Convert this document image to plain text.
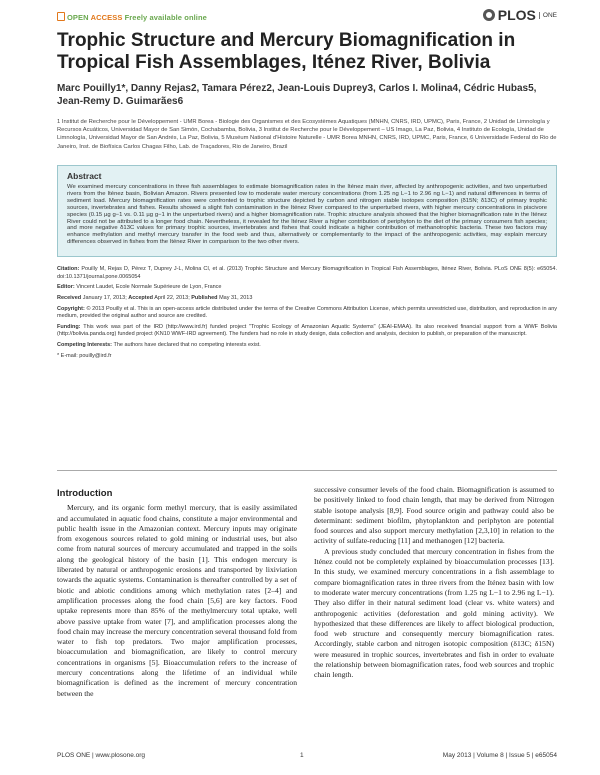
OPEN ACCESS Freely available online	PLOS	ONE
Trophic Structure and Mercury Biomagnification in Tropical Fish Assemblages, Iténez River, Bolivia
Marc Pouilly1*, Danny Rejas2, Tamara Pérez2, Jean-Louis Duprey3, Carlos I. Molina4, Cédric Hubas5, Jean-Remy D. Guimarães6
1 Institut de Recherche pour le Développement - UMR Borea - Biologie des Organismes et des Ecosystèmes Aquatiques (MNHN, CNRS, IRD, UPMC), Paris, France, 2 Unidad de Limnología y Recursos Acuáticos, Universidad Mayor de San Simón, Cochabamba, Bolivia, 3 Institut de Recherche pour le Développement – US Imago, La Paz, Bolivia, 4 Instituto de Ecología, Unidad de Limnología, Universidad Mayor de San Andrés, La Paz, Bolivia, 5 Muséum National d'Histoire Naturelle - UMR Borea MNHN, CNRS, IRD, UPMC, Paris, France, 6 Universidade Federal do Rio de Janeiro, Inst. de Biofísica Carlos Chagas Filho, Lab. de Traçadores, Rio de Janeiro, Brazil
Abstract

We examined mercury concentrations in three fish assemblages to estimate biomagnification rates in the Iténez main river, affected by anthropogenic activities, and two unperturbed rivers from the Iténez basin, Bolivian Amazon. Rivers presented low to moderate water mercury concentrations (from 1.25 ng L−1 to 2.96 ng L−1) and natural differences in terms of sediment load. Mercury biomagnification rates were confronted to trophic structure depicted by carbon and nitrogen stable isotopes composition (δ15N; δ13C) of primary trophic sources, invertebrates and fishes. Results showed a slight fish contamination in the Iténez River compared to the unperturbed rivers, with higher mercury concentrations in piscivore species (0.15 µg g−1 vs. 0.11 µg g−1 in the unperturbed rivers) and a higher biomagnification rate. Trophic structure analysis showed that the higher biomagnification rate in the Iténez River could not be attributed to a longer food chain. Nevertheless, it revealed for the Iténez River a higher contribution of periphyton to the diet of the primary consumers fish species; and more negative δ13C values for primary trophic sources, invertebrates and fishes that could indicate a higher contribution of methanotrophic bacteria. These two factors may enhance methylation and methyl mercury transfer in the food web and thus, alternatively or complementarily to the impact of the anthropogenic activities, may explain mercury differences observed in fishes from the Iténez River in comparison to the two other rivers.

Citation: Pouilly M, Rejas D, Pérez T, Duprey J-L, Molina CI, et al. (2013) Trophic Structure and Mercury Biomagnification in Tropical Fish Assemblages, Iténez River, Bolivia. PLoS ONE 8(5): e65054. doi:10.1371/journal.pone.0065054

Editor: Vincent Laudet, Ecole Normale Supérieure de Lyon, France

Received January 17, 2013; Accepted April 22, 2013; Published May 31, 2013

Copyright: © 2013 Pouilly et al. This is an open-access article distributed under the terms of the Creative Commons Attribution License, which permits unrestricted use, distribution, and reproduction in any medium, provided the original author and source are credited.

Funding: This work was part of the IRD (http://www.ird.fr) funded project "Trophic Ecology of Amazonian Aquatic Systems" (JEAI-EMAA). Its also received financial support from a WWF Bolivia (http://bolivia.panda.org) funded project (KN10 WWF-IRD agreement). The funders had no role in study design, data collection and analysis, decision to publish, or preparation of the manuscript.

Competing Interests: The authors have declared that no competing interests exist.

* E-mail: pouilly@ird.fr

Introduction

Mercury, and its organic form methyl mercury, that is easily assimilated and accumulated in aquatic food chains, constitute a major environmental and public health issue in the Amazonian context. Mercury inputs may originate from exogenous sources related to gold mining or industrial uses, but also come from natural sources of mercury accumulated and trapped in the soils along the geological history of the basin [1]. This endogen mercury is liberated by natural or anthropogenic erosions and transported by lixiviation towards the aquatic systems. Contamination is thereafter controlled by a set of biotic and abiotic conditions among which methylation rates [2–4] and amplification processes along the food chain [5,6] are key factors. Food uptake represents more than 85% of the methylmercury total uptake, well above passive uptake from water [7], and amplification processes along the food chain may increase the mercury concentration several thousand fold from water to fish top predators. Two major amplification processes, bioaccumulation and biomagnification, are likely to control mercury concentrations in organisms [5]. Bioaccumulation refers to the increase of mercury concentrations along the lifetime of an individual while biomagnification is defined as the increment of mercury concentration between the

successive consumer levels of the food chain. Biomagnification is assumed to be positively linked to food chain length, that may be derived from Nitrogen stable isotope analysis [8,9]. Food source origin and pathway could also be determinant: sediment biofilm, phytoplankton and periphyton are potential food sources and also support mercury methylation [2,3,10] in relation to the activity of sulfate-reducing [11] and methanogen [12] bacteria.

A previous study concluded that mercury concentration in fishes from the Iténez could not be completely explained by bioaccumulation processes [13]. In this study, we examined mercury concentrations in a fish assemblage to compare biomagnification rates in three rivers from the Iténez basin with low to moderate water mercury concentrations (from 1.25 ng L−1 to 2.96 ng L−1). They also differ in their natural sediment load (clear vs. white waters) and anthropogenic activities (deforestation and gold mining activity). We hypothesized that these differences are likely to affect biological production, food web structure and consequently mercury biomagnification rates. Accordingly, stable carbon and nitrogen isotopic composition (δ13C; δ15N) were measured in trophic sources, invertebrates and fish in order to evaluate the relationship between biomagnification rates, food web sources and trophic chain length.

PLOS ONE | www.plosone.org	1	May 2013 | Volume 8 | Issue 5 | e65054
